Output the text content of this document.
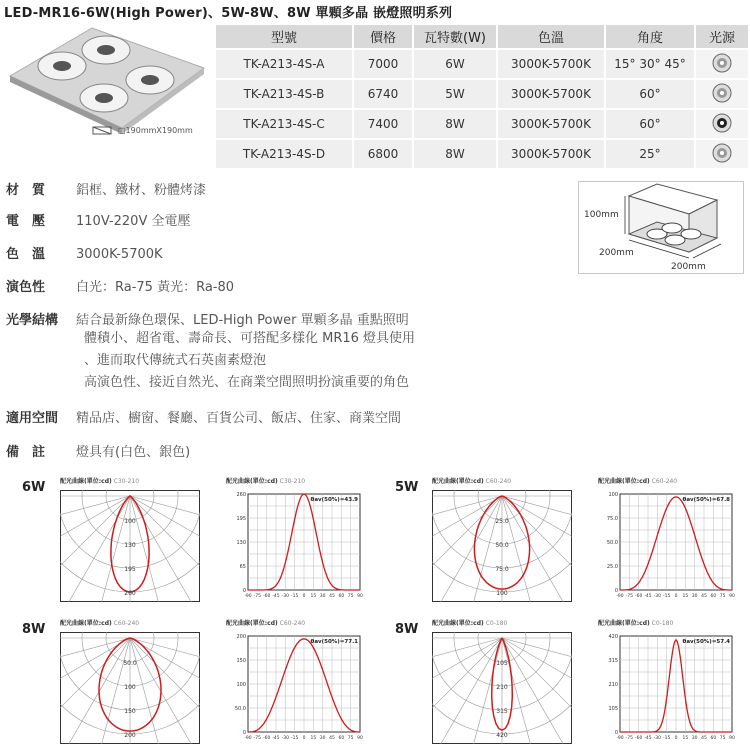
LED-MR16-6W(High Power)、5W-8W、8W 單顆多晶 嵌燈照明系列
□190mmX190mm
型號	價格	瓦特數(W)	色溫	角度	光源
TK-A213-4S-A	7000	6W	3000K-5700K	15° 30° 45°	
TK-A213-4S-B	6740	5W	3000K-5700K	60°	
TK-A213-4S-C	7400	8W	3000K-5700K	60°	
TK-A213-4S-D	6800	8W	3000K-5700K	25°	
材　質 鋁框、鐵材、粉體烤漆
電　壓 110V-220V 全電壓
色　溫 3000K-5700K
演色性 白光：Ra-75 黃光：Ra-80
光學結構 結合最新綠色環保、LED-High Power 單顆多晶 重點照明
體積小、超省電、壽命長、可搭配多樣化 MR16 燈具使用
、進而取代傳統式石英鹵素燈泡
高演色性、接近自然光、在商業空間照明扮演重要的角色
適用空間 精品店、櫥窗、餐廳、百貨公司、飯店、住家、商業空間
備　註 燈具有(白色、銀色)
100mm
200mm
200mm
6W	5W
8W	8W
配光曲線(單位:cd) C30-210	配光曲線(單位:cd) C30-210
100
130
195
260
260
195
130
65
0
-90 -75 -60 -45 -30 -15 0 15 30 45 60 75 90
θav(50%)=43.9
配光曲線(單位:cd) C60-240	配光曲線(單位:cd) C60-240
25.0
50.0
75.0
100
100
75.0
50.0
25.0
0
-90 -75 -60 -45 -30 -15 0 15 30 45 60 75 90
θav(50%)=67.8
配光曲線(單位:cd) C60-240	配光曲線(單位:cd) C60-240
50.0
100
150
200
200
150
100
50.0
0
-90 -75 -60 -45 -30 -15 0 15 30 45 60 75 90
θav(50%)=77.1
配光曲線(單位:cd) C0-180	配光曲線(單位:cd) C0-180
105
210
315
420
420
315
210
105
0
-90 -75 -60 -45 -30 -15 0 15 30 45 60 75 90
θav(50%)=57.4
